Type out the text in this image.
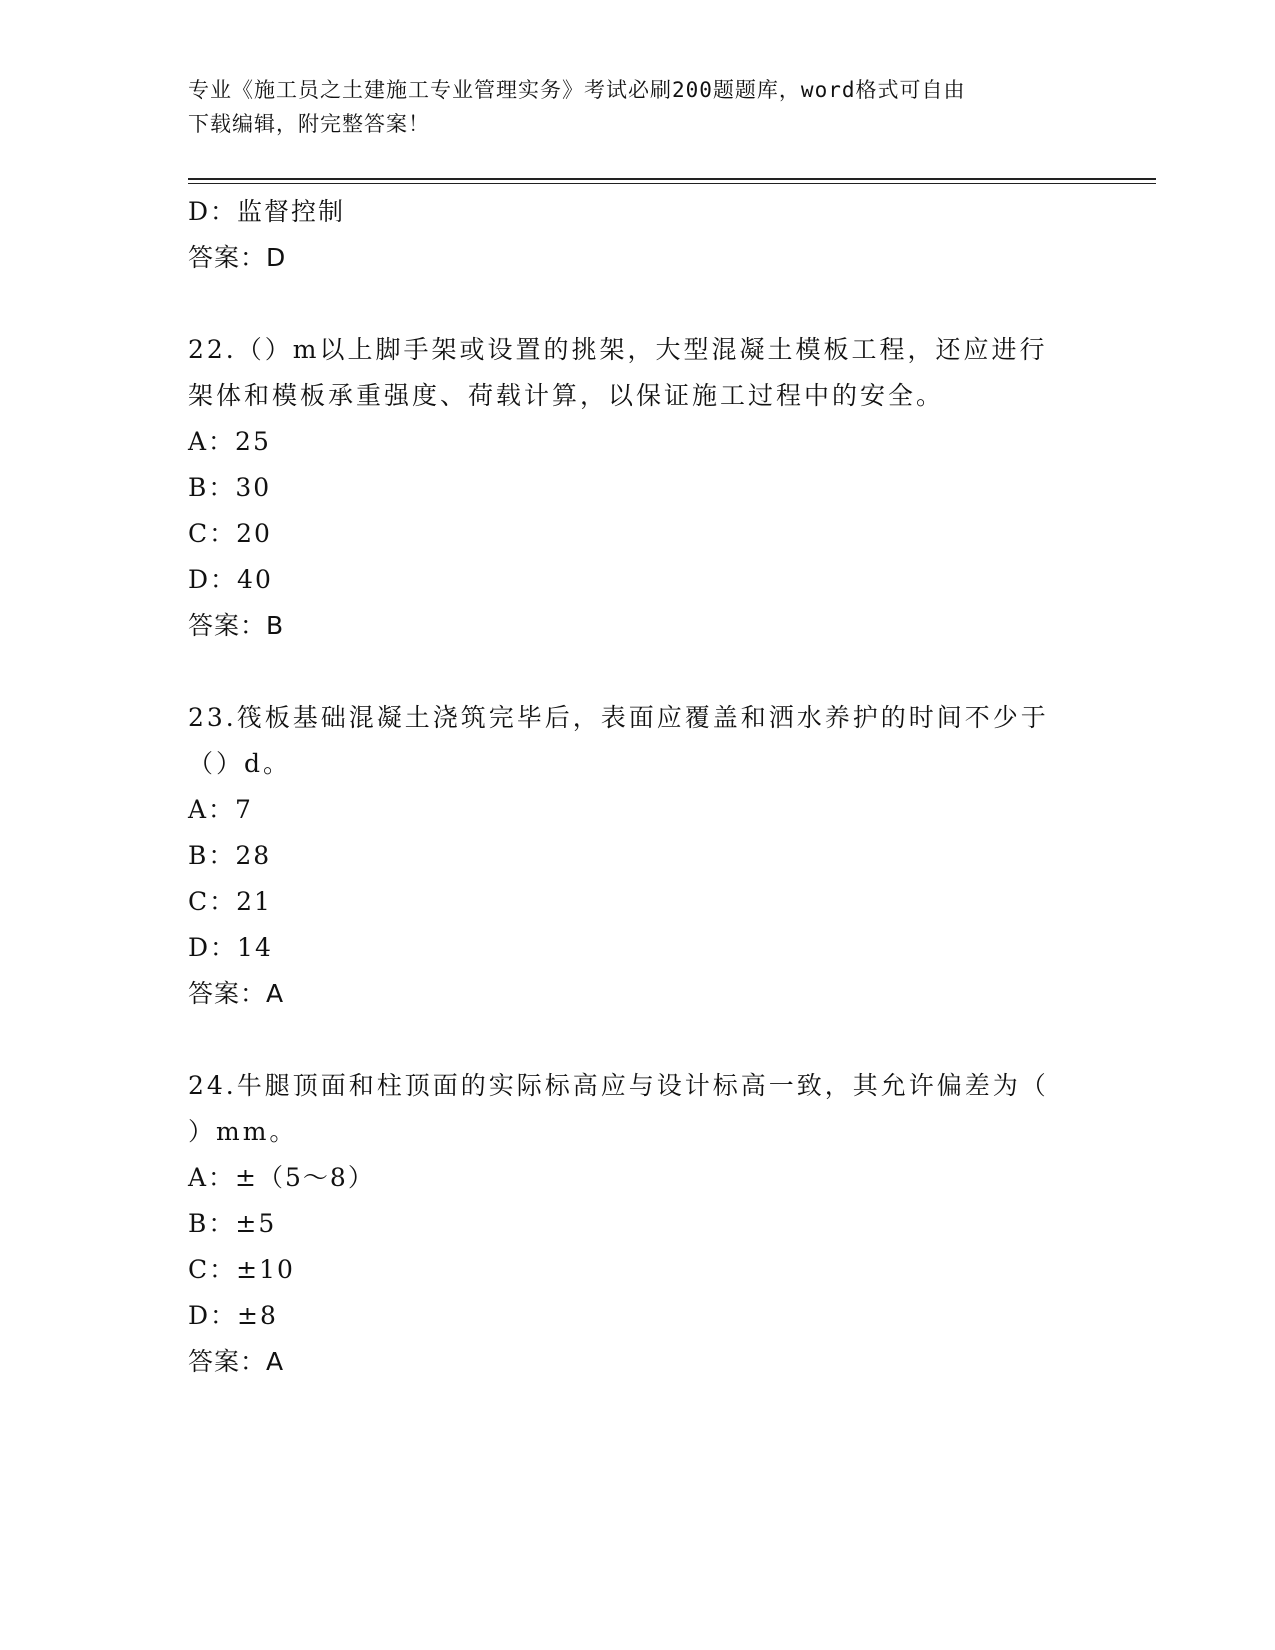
专业《施工员之土建施工专业管理实务》考试必刷200题题库，word格式可自由
下载编辑，附完整答案！
D：监督控制
答案：D
22.（）m以上脚手架或设置的挑架，大型混凝土模板工程，还应进行
架体和模板承重强度、荷载计算，以保证施工过程中的安全。
A：25
B：30
C：20
D：40
答案：B
23.筏板基础混凝土浇筑完毕后，表面应覆盖和洒水养护的时间不少于
（）d。
A：7
B：28
C：21
D：14
答案：A
24.牛腿顶面和柱顶面的实际标高应与设计标高一致，其允许偏差为（
）mm。
A：±（5～8）
B：±5
C：±10
D：±8
答案：A
